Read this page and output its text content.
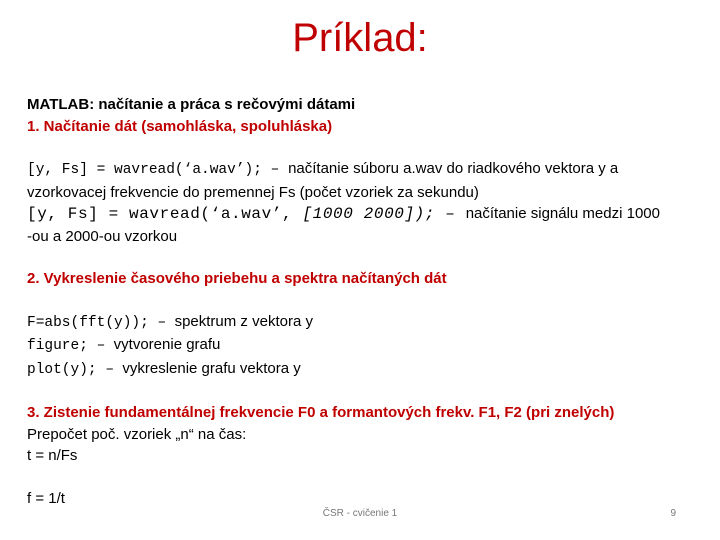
Príklad:
MATLAB: načítanie a práca s rečovými dátami
1. Načítanie dát (samohláska, spoluhláska)
[y, Fs] = wavread(‘a.wav’); – načítanie súboru a.wav do riadkového vektora y a
vzorkovacej frekvencie do premennej Fs (počet vzoriek za sekundu)
[y, Fs] = wavread(‘a.wav’, [1000 2000]); – načítanie signálu medzi 1000
-ou a 2000-ou vzorkou
2. Vykreslenie časového priebehu a spektra načítaných dát
F=abs(fft(y)); – spektrum z vektora y
figure; – vytvorenie grafu
plot(y); – vykreslenie grafu vektora y
3. Zistenie fundamentálnej frekvencie F0 a formantových frekv. F1, F2 (pri znelých)
Prepočet poč. vzoriek „n“ na čas:
t = n/Fs
f = 1/t
ČSR - cvičenie 1	9
